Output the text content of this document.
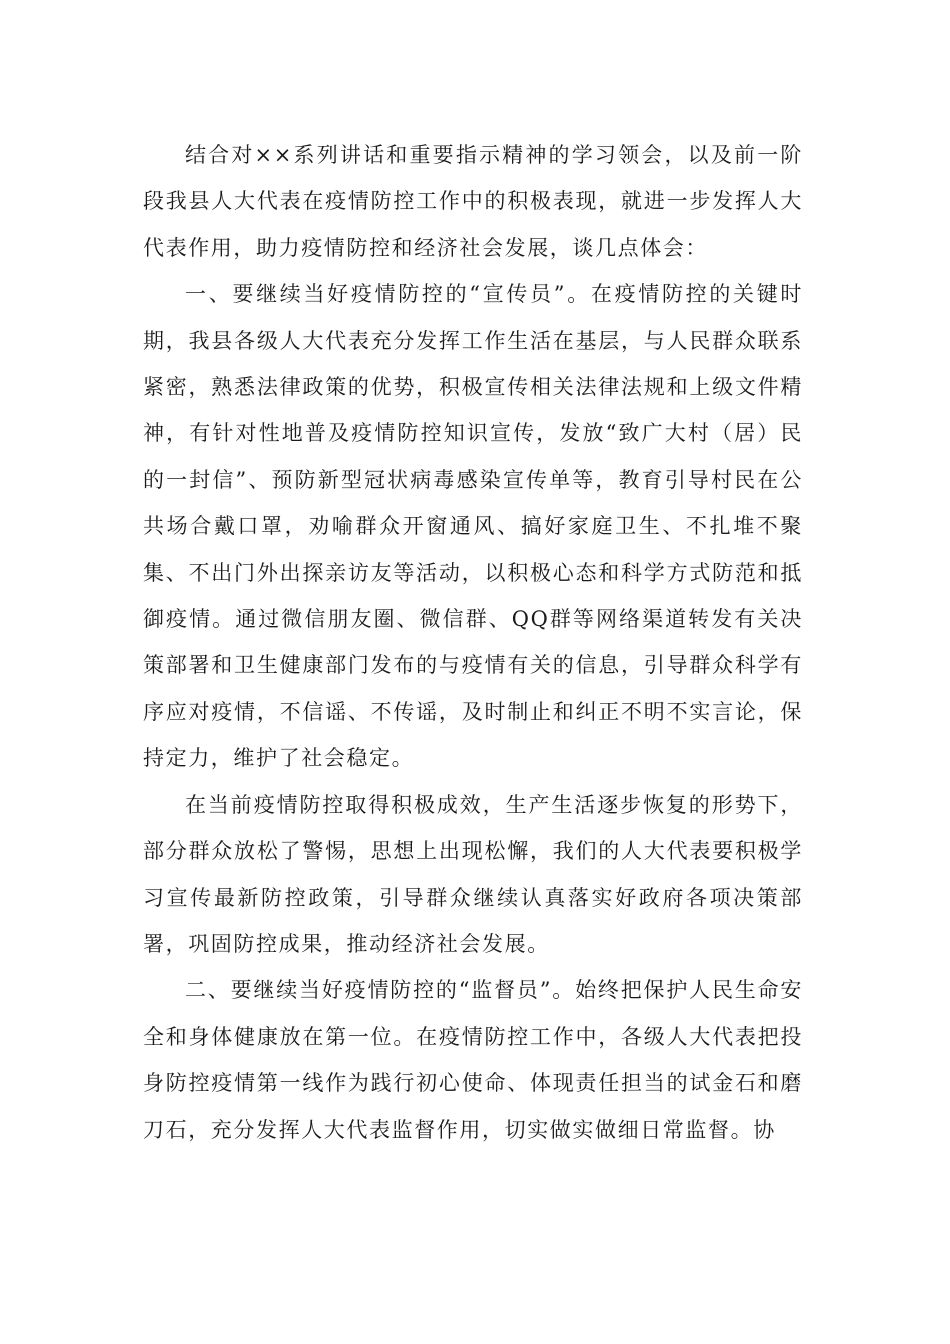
结合对××系列讲话和重要指示精神的学习领会，以及前一阶段我县人大代表在疫情防控工作中的积极表现，就进一步发挥人大代表作用，助力疫情防控和经济社会发展，谈几点体会：

一、要继续当好疫情防控的“宣传员”。在疫情防控的关键时期，我县各级人大代表充分发挥工作生活在基层，与人民群众联系紧密，熟悉法律政策的优势，积极宣传相关法律法规和上级文件精神，有针对性地普及疫情防控知识宣传，发放“致广大村（居）民的一封信”、预防新型冠状病毒感染宣传单等，教育引导村民在公共场合戴口罩，劝喻群众开窗通风、搞好家庭卫生、不扎堆不聚集、不出门外出探亲访友等活动，以积极心态和科学方式防范和抵御疫情。通过微信朋友圈、微信群、QQ群等网络渠道转发有关决策部署和卫生健康部门发布的与疫情有关的信息，引导群众科学有序应对疫情，不信谣、不传谣，及时制止和纠正不明不实言论，保持定力，维护了社会稳定。

在当前疫情防控取得积极成效，生产生活逐步恢复的形势下，部分群众放松了警惕，思想上出现松懈，我们的人大代表要积极学习宣传最新防控政策，引导群众继续认真落实好政府各项决策部署，巩固防控成果，推动经济社会发展。

二、要继续当好疫情防控的“监督员”。始终把保护人民生命安全和身体健康放在第一位。在疫情防控工作中，各级人大代表把投身防控疫情第一线作为践行初心使命、体现责任担当的试金石和磨刀石，充分发挥人大代表监督作用，切实做实做细日常监督。协
